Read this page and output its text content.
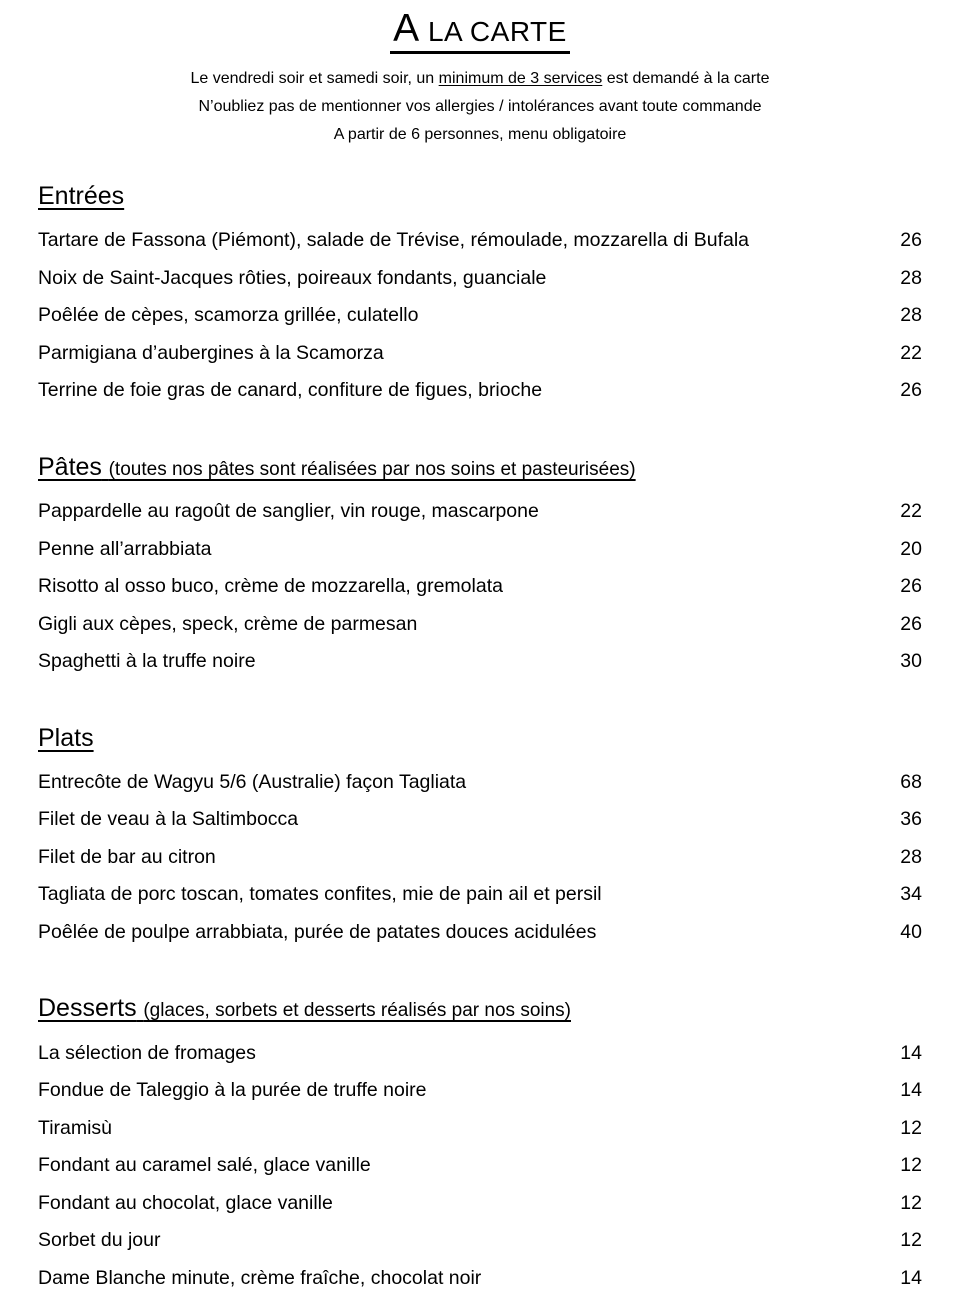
A LA CARTE
Le vendredi soir et samedi soir, un minimum de 3 services est demandé à la carte
N’oubliez pas de mentionner vos allergies / intolérances avant toute commande
A partir de 6 personnes, menu obligatoire
Entrées
Tartare de Fassona (Piémont), salade de Trévise, rémoulade, mozzarella di Bufala	26
Noix de Saint-Jacques rôties, poireaux fondants, guanciale	28
Poêlée de cèpes, scamorza grillée, culatello	28
Parmigiana d’aubergines à la Scamorza	22
Terrine de foie gras de canard, confiture de figues, brioche	26
Pâtes (toutes nos pâtes sont réalisées par nos soins et pasteurisées)
Pappardelle au ragoût de sanglier, vin rouge, mascarpone	22
Penne all’arrabbiata	20
Risotto al osso buco, crème de mozzarella, gremolata	26
Gigli aux cèpes, speck, crème de parmesan	26
Spaghetti à la truffe noire	30
Plats
Entrecôte de Wagyu 5/6 (Australie) façon Tagliata	68
Filet de veau à la Saltimbocca	36
Filet de bar au citron	28
Tagliata de porc toscan, tomates confites, mie de pain ail et persil	34
Poêlée de poulpe arrabbiata, purée de patates douces acidulées	40
Desserts (glaces, sorbets et desserts réalisés par nos soins)
La sélection de fromages	14
Fondue de Taleggio à la purée de truffe noire	14
Tiramisù	12
Fondant au caramel salé, glace vanille	12
Fondant au chocolat, glace vanille	12
Sorbet du jour	12
Dame Blanche minute, crème fraîche, chocolat noir	14
